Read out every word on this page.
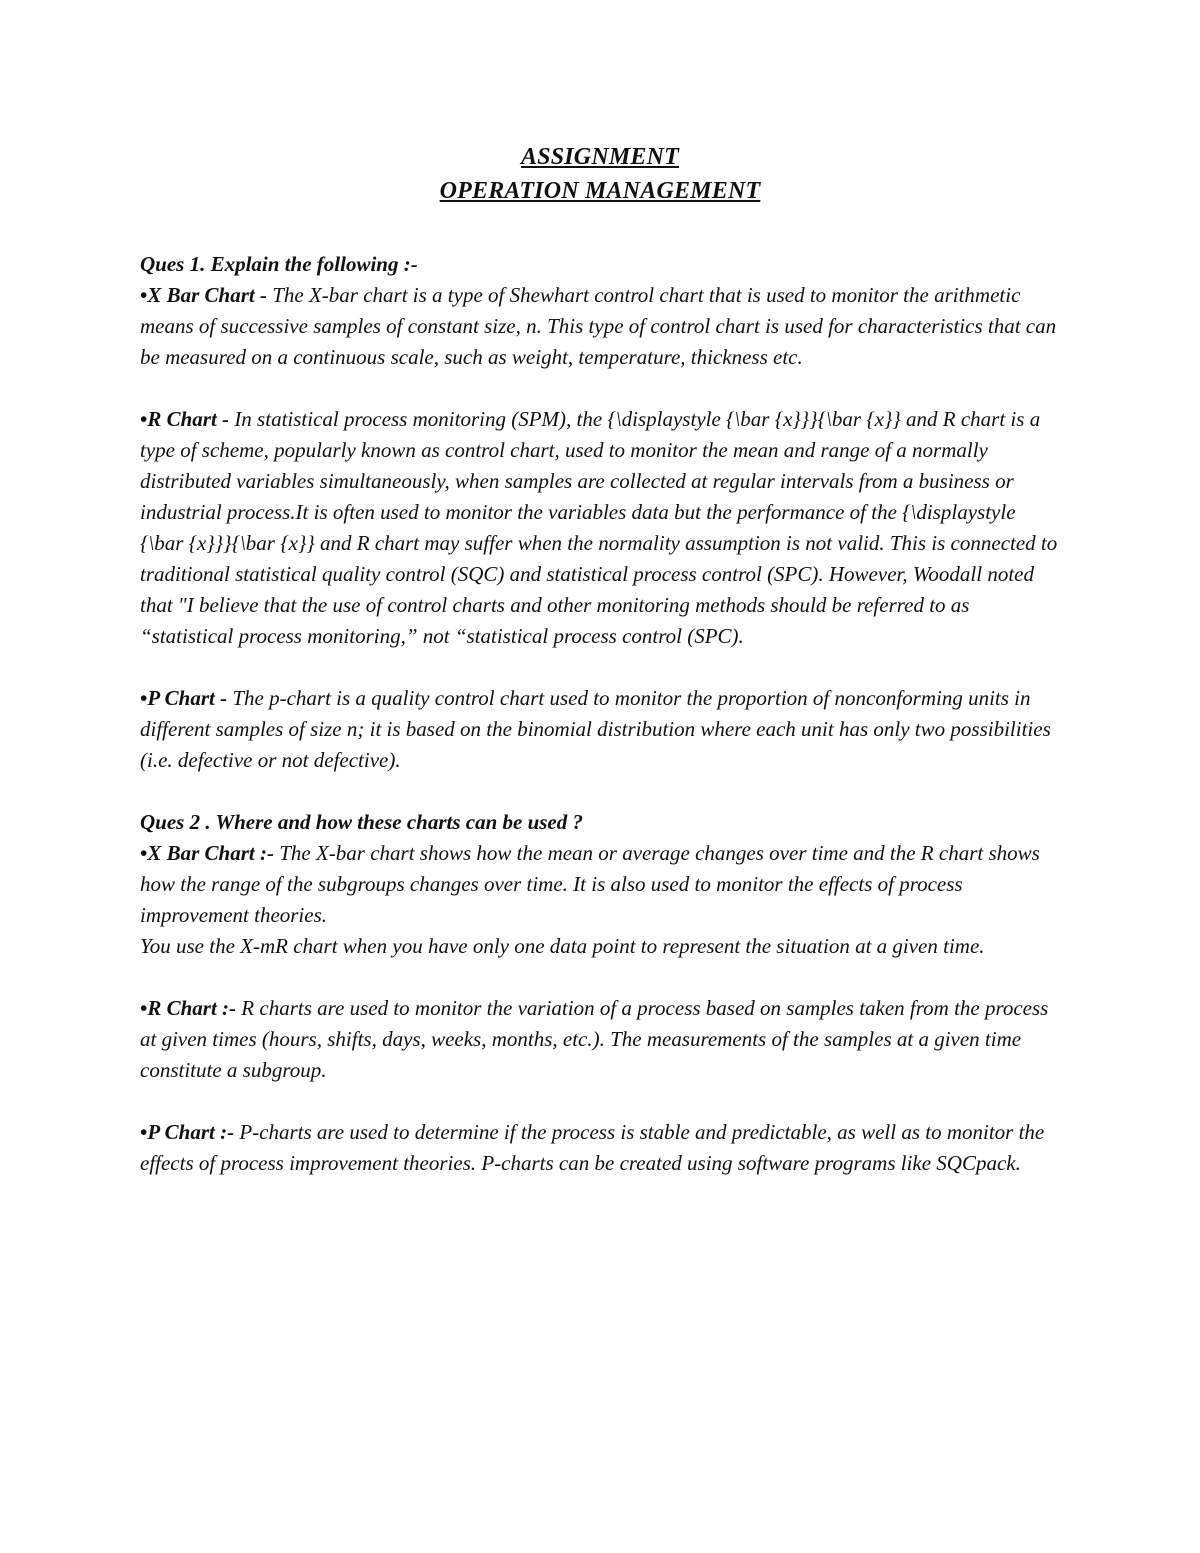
ASSIGNMENT
OPERATION MANAGEMENT

Ques 1. Explain the following :-

•X Bar Chart - The X-bar chart is a type of Shewhart control chart that is used to monitor the arithmetic means of successive samples of constant size, n. This type of control chart is used for characteristics that can be measured on a continuous scale, such as weight, temperature, thickness etc.

•R Chart - In statistical process monitoring (SPM), the {\displaystyle {\bar {x}}}{\bar {x}} and R chart is a type of scheme, popularly known as control chart, used to monitor the mean and range of a normally distributed variables simultaneously, when samples are collected at regular intervals from a business or industrial process.It is often used to monitor the variables data but the performance of the {\displaystyle {\bar {x}}}{\bar {x}} and R chart may suffer when the normality assumption is not valid. This is connected to traditional statistical quality control (SQC) and statistical process control (SPC). However, Woodall noted that "I believe that the use of control charts and other monitoring methods should be referred to as “statistical process monitoring,” not “statistical process control (SPC).

•P Chart - The p-chart is a quality control chart used to monitor the proportion of nonconforming units in different samples of size n; it is based on the binomial distribution where each unit has only two possibilities (i.e. defective or not defective).

Ques 2 . Where and how these charts can be used ?

•X Bar Chart :- The X-bar chart shows how the mean or average changes over time and the R chart shows how the range of the subgroups changes over time. It is also used to monitor the effects of process improvement theories.

You use the X-mR chart when you have only one data point to represent the situation at a given time.

•R Chart :- R charts are used to monitor the variation of a process based on samples taken from the process at given times (hours, shifts, days, weeks, months, etc.). The measurements of the samples at a given time constitute a subgroup.

•P Chart :- P-charts are used to determine if the process is stable and predictable, as well as to monitor the effects of process improvement theories. P-charts can be created using software programs like SQCpack.
